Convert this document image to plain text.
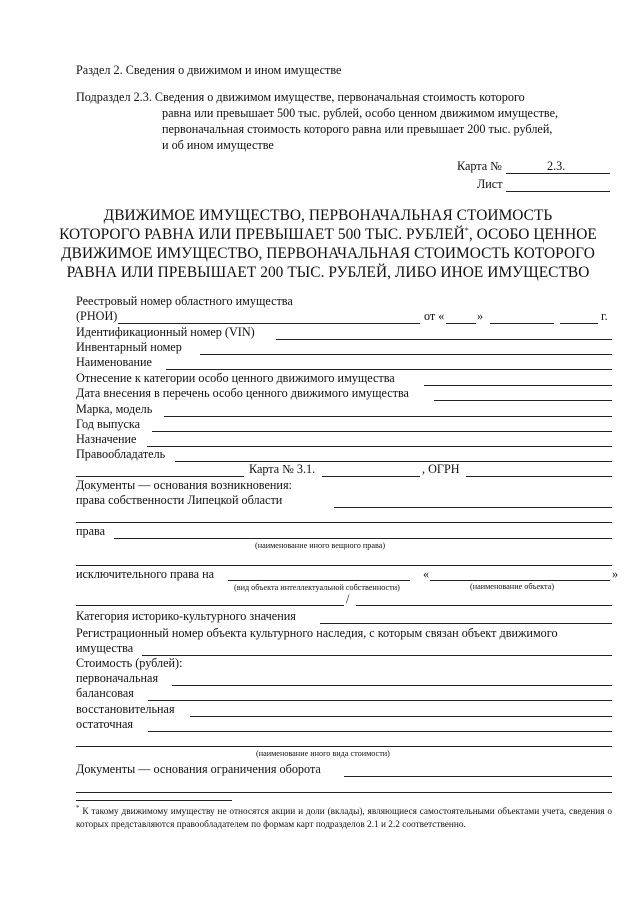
Раздел 2. Сведения о движимом и ином имуществе
Подраздел 2.3. Сведения о движимом имуществе, первоначальная стоимость которого
равна или превышает 500 тыс. рублей, особо ценном движимом имуществе,
первоначальная стоимость которого равна или превышает 200 тыс. рублей,
и об ином имуществе
Карта №	2.3.
Лист
ДВИЖИМОЕ ИМУЩЕСТВО, ПЕРВОНАЧАЛЬНАЯ СТОИМОСТЬ
КОТОРОГО РАВНА ИЛИ ПРЕВЫШАЕТ 500 ТЫС. РУБЛЕЙ*, ОСОБО ЦЕННОЕ
ДВИЖИМОЕ ИМУЩЕСТВО, ПЕРВОНАЧАЛЬНАЯ СТОИМОСТЬ КОТОРОГО
РАВНА ИЛИ ПРЕВЫШАЕТ 200 ТЫС. РУБЛЕЙ, ЛИБО ИНОЕ ИМУЩЕСТВО
Реестровый номер областного имущества
(РНОИ)	от «	»	г.
Идентификационный номер (VIN)
Инвентарный номер
Наименование
Отнесение к категории особо ценного движимого имущества
Дата внесения в перечень особо ценного движимого имущества
Марка, модель
Год выпуска
Назначение
Правообладатель
Карта № 3.1.	, ОГРН
Документы — основания возникновения:
права собственности Липецкой области
права
(наименование иного вещного права)
исключительного права на	«	»
(вид объекта интеллектуальной собственности)	(наименование объекта)
/
Категория историко-культурного значения
Регистрационный номер объекта культурного наследия, с которым связан объект движимого
имущества
Стоимость (рублей):
первоначальная
балансовая
восстановительная
остаточная
(наименование иного вида стоимости)
Документы — основания ограничения оборота
* К такому движимому имуществу не относятся акции и доли (вклады), являющиеся самостоятельными объектами учета, сведения о которых представляются правообладателем по формам карт подразделов 2.1 и 2.2 соответственно.
